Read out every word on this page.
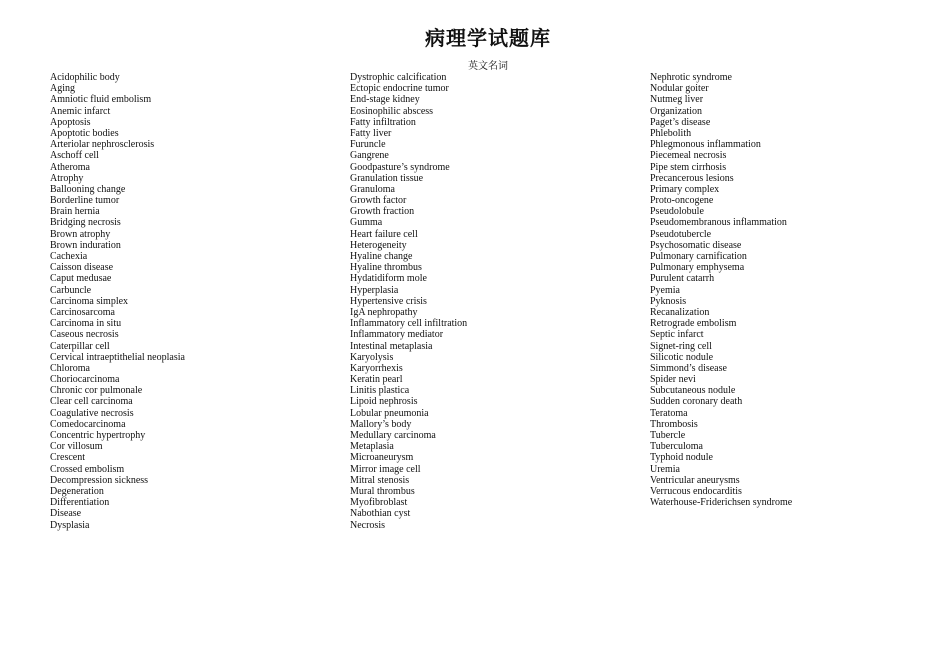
病理学试题库
英文名词
Acidophilic body
Aging
Amniotic fluid embolism
Anemic infarct
Apoptosis
Apoptotic bodies
Arteriolar nephrosclerosis
Aschoff cell
Atheroma
Atrophy
Ballooning change
Borderline tumor
Brain hernia
Bridging necrosis
Brown atrophy
Brown induration
Cachexia
Caisson disease
Caput medusae
Carbuncle
Carcinoma simplex
Carcinosarcoma
Carcinoma in situ
Caseous necrosis
Caterpillar cell
Cervical intraeptithelial neoplasia
Chloroma
Choriocarcinoma
Chronic cor pulmonale
Clear cell carcinoma
Coagulative necrosis
Comedocarcinoma
Concentric hypertrophy
Cor villosum
Crescent
Crossed embolism
Decompression sickness
Degeneration
Differentiation
Disease
Dysplasia
Dystrophic calcification
Ectopic endocrine tumor
End-stage kidney
Eosinophilic abscess
Fatty infiltration
Fatty liver
Furuncle
Gangrene
Goodpasture’s syndrome
Granulation tissue
Granuloma
Growth factor
Growth fraction
Gumma
Heart failure cell
Heterogeneity
Hyaline change
Hyaline thrombus
Hydatidiform mole
Hyperplasia
Hypertensive crisis
IgA nephropathy
Inflammatory cell infiltration
Inflammatory mediator
Intestinal metaplasia
Karyolysis
Karyorrhexis
Keratin pearl
Linitis plastica
Lipoid nephrosis
Lobular pneumonia
Mallory’s body
Medullary carcinoma
Metaplasia
Microaneurysm
Mirror image cell
Mitral stenosis
Mural thrombus
Myofibroblast
Nabothian cyst
Necrosis
Nephrotic syndrome
Nodular goiter
Nutmeg liver
Organization
Paget’s disease
Phlebolith
Phlegmonous inflammation
Piecemeal necrosis
Pipe stem cirrhosis
Precancerous lesions
Primary complex
Proto-oncogene
Pseudolobule
Pseudomembranous inflammation
Pseudotubercle
Psychosomatic disease
Pulmonary carnification
Pulmonary emphysema
Purulent catarrh
Pyemia
Pyknosis
Recanalization
Retrograde embolism
Septic infarct
Signet-ring cell
Silicotic nodule
Simmond’s disease
Spider nevi
Subcutaneous nodule
Sudden coronary death
Teratoma
Thrombosis
Tubercle
Tuberculoma
Typhoid nodule
Uremia
Ventricular aneurysms
Verrucous endocarditis
Waterhouse-Friderichsen syndrome
